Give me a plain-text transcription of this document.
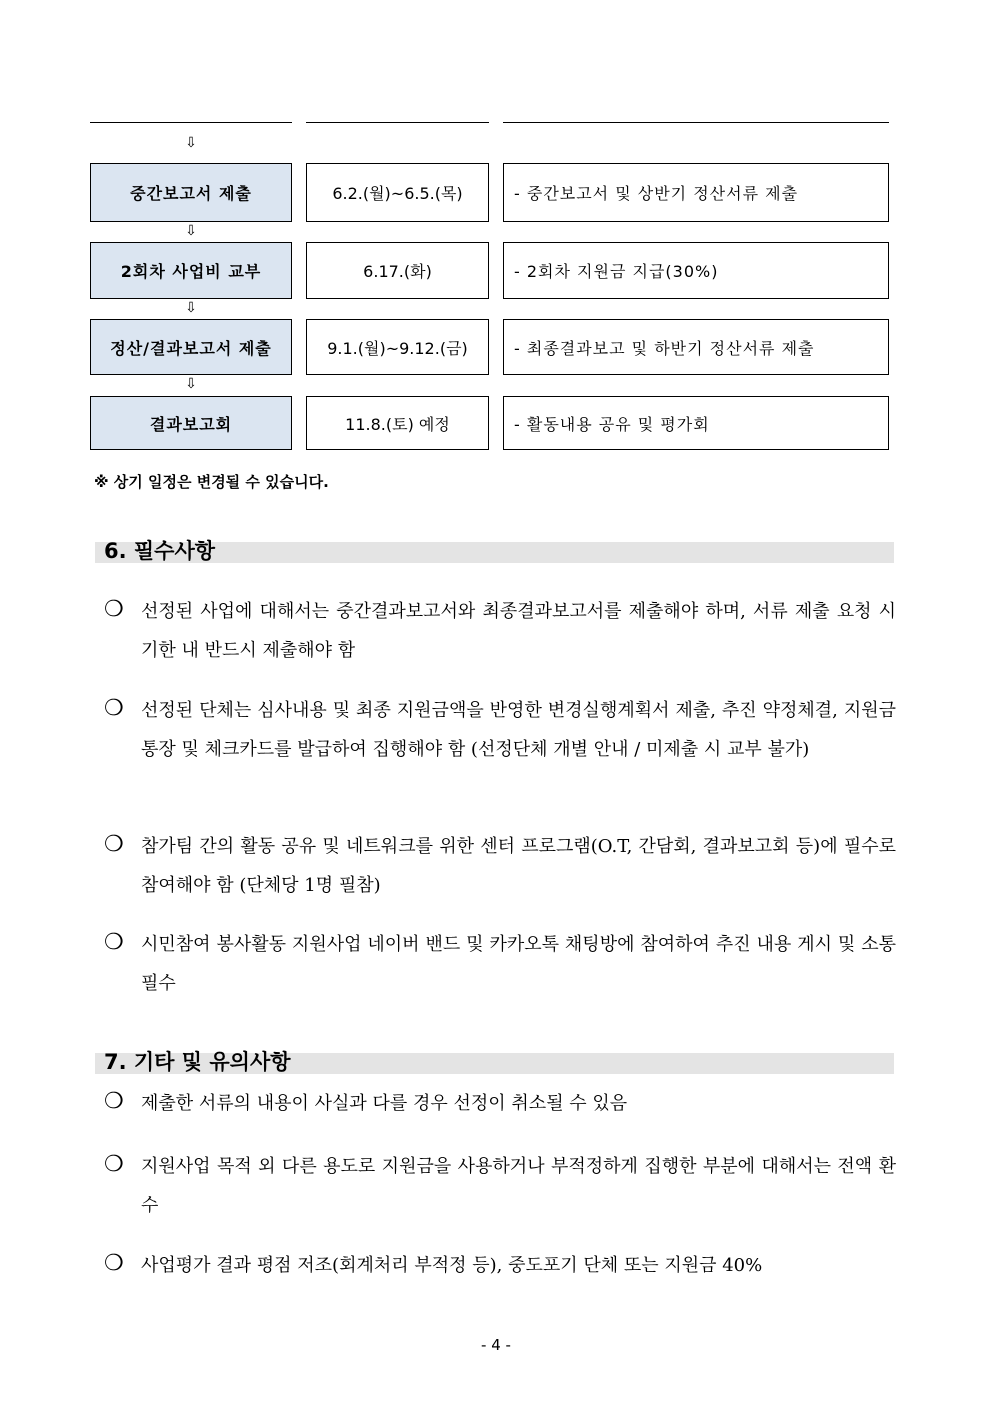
⇩
중간보고서 제출	6.2.(월)~6.5.(목)	- 중간보고서 및 상반기 정산서류 제출
⇩
2회차 사업비 교부	6.17.(화)	- 2회차 지원금 지급(30%)
⇩
정산/결과보고서 제출	9.1.(월)~9.12.(금)	- 최종결과보고 및 하반기 정산서류 제출
⇩
결과보고회	11.8.(토) 예정	- 활동내용 공유 및 평가회
※ 상기 일정은 변경될 수 있습니다.
6. 필수사항
❍ 선정된 사업에 대해서는 중간결과보고서와 최종결과보고서를 제출해야 하며, 서류 제출 요청 시 기한 내 반드시 제출해야 함
❍ 선정된 단체는 심사내용 및 최종 지원금액을 반영한 변경실행계획서 제출, 추진 약정체결, 지원금 통장 및 체크카드를 발급하여 집행해야 함 (선정단체 개별 안내 / 미제출 시 교부 불가)
❍ 참가팀 간의 활동 공유 및 네트워크를 위한 센터 프로그램(O.T, 간담회, 결과보고회 등)에 필수로 참여해야 함 (단체당 1명 필참)
❍ 시민참여 봉사활동 지원사업 네이버 밴드 및 카카오톡 채팅방에 참여하여 추진 내용 게시 및 소통 필수
7. 기타 및 유의사항
❍ 제출한 서류의 내용이 사실과 다를 경우 선정이 취소될 수 있음
❍ 지원사업 목적 외 다른 용도로 지원금을 사용하거나 부적정하게 집행한 부분에 대해서는 전액 환수
❍ 사업평가 결과 평점 저조(회계처리 부적정 등), 중도포기 단체 또는 지원금 40%
- 4 -
